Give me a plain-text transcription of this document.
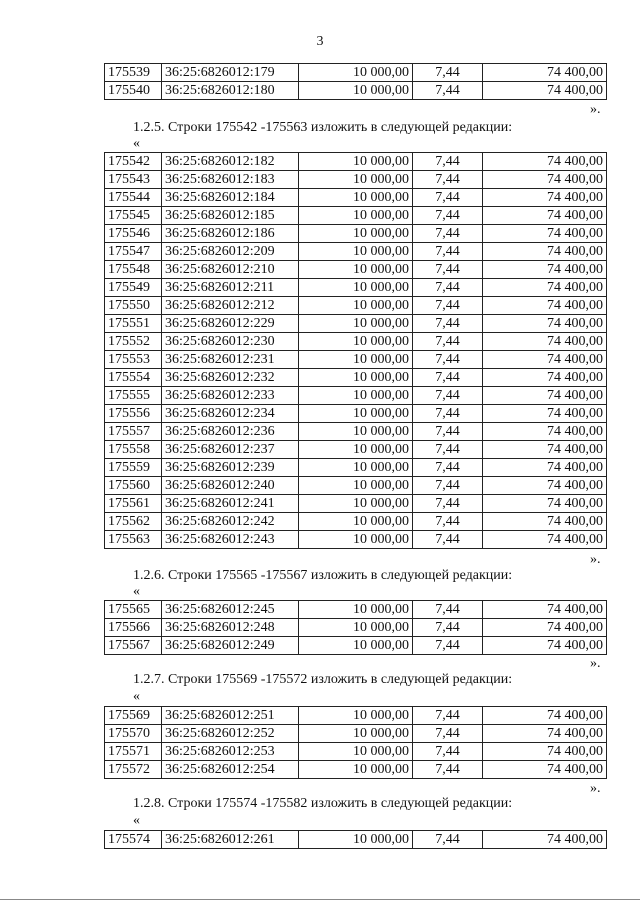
3
175539	36:25:6826012:179	10 000,00	7,44	74 400,00
175540	36:25:6826012:180	10 000,00	7,44	74 400,00
».
1.2.5. Строки 175542 -175563 изложить в следующей редакции:
«
175542	36:25:6826012:182	10 000,00	7,44	74 400,00
175543	36:25:6826012:183	10 000,00	7,44	74 400,00
175544	36:25:6826012:184	10 000,00	7,44	74 400,00
175545	36:25:6826012:185	10 000,00	7,44	74 400,00
175546	36:25:6826012:186	10 000,00	7,44	74 400,00
175547	36:25:6826012:209	10 000,00	7,44	74 400,00
175548	36:25:6826012:210	10 000,00	7,44	74 400,00
175549	36:25:6826012:211	10 000,00	7,44	74 400,00
175550	36:25:6826012:212	10 000,00	7,44	74 400,00
175551	36:25:6826012:229	10 000,00	7,44	74 400,00
175552	36:25:6826012:230	10 000,00	7,44	74 400,00
175553	36:25:6826012:231	10 000,00	7,44	74 400,00
175554	36:25:6826012:232	10 000,00	7,44	74 400,00
175555	36:25:6826012:233	10 000,00	7,44	74 400,00
175556	36:25:6826012:234	10 000,00	7,44	74 400,00
175557	36:25:6826012:236	10 000,00	7,44	74 400,00
175558	36:25:6826012:237	10 000,00	7,44	74 400,00
175559	36:25:6826012:239	10 000,00	7,44	74 400,00
175560	36:25:6826012:240	10 000,00	7,44	74 400,00
175561	36:25:6826012:241	10 000,00	7,44	74 400,00
175562	36:25:6826012:242	10 000,00	7,44	74 400,00
175563	36:25:6826012:243	10 000,00	7,44	74 400,00
».
1.2.6. Строки 175565 -175567 изложить в следующей редакции:
«
175565	36:25:6826012:245	10 000,00	7,44	74 400,00
175566	36:25:6826012:248	10 000,00	7,44	74 400,00
175567	36:25:6826012:249	10 000,00	7,44	74 400,00
».
1.2.7. Строки 175569 -175572 изложить в следующей редакции:
«
175569	36:25:6826012:251	10 000,00	7,44	74 400,00
175570	36:25:6826012:252	10 000,00	7,44	74 400,00
175571	36:25:6826012:253	10 000,00	7,44	74 400,00
175572	36:25:6826012:254	10 000,00	7,44	74 400,00
».
1.2.8. Строки 175574 -175582 изложить в следующей редакции:
«
175574	36:25:6826012:261	10 000,00	7,44	74 400,00
